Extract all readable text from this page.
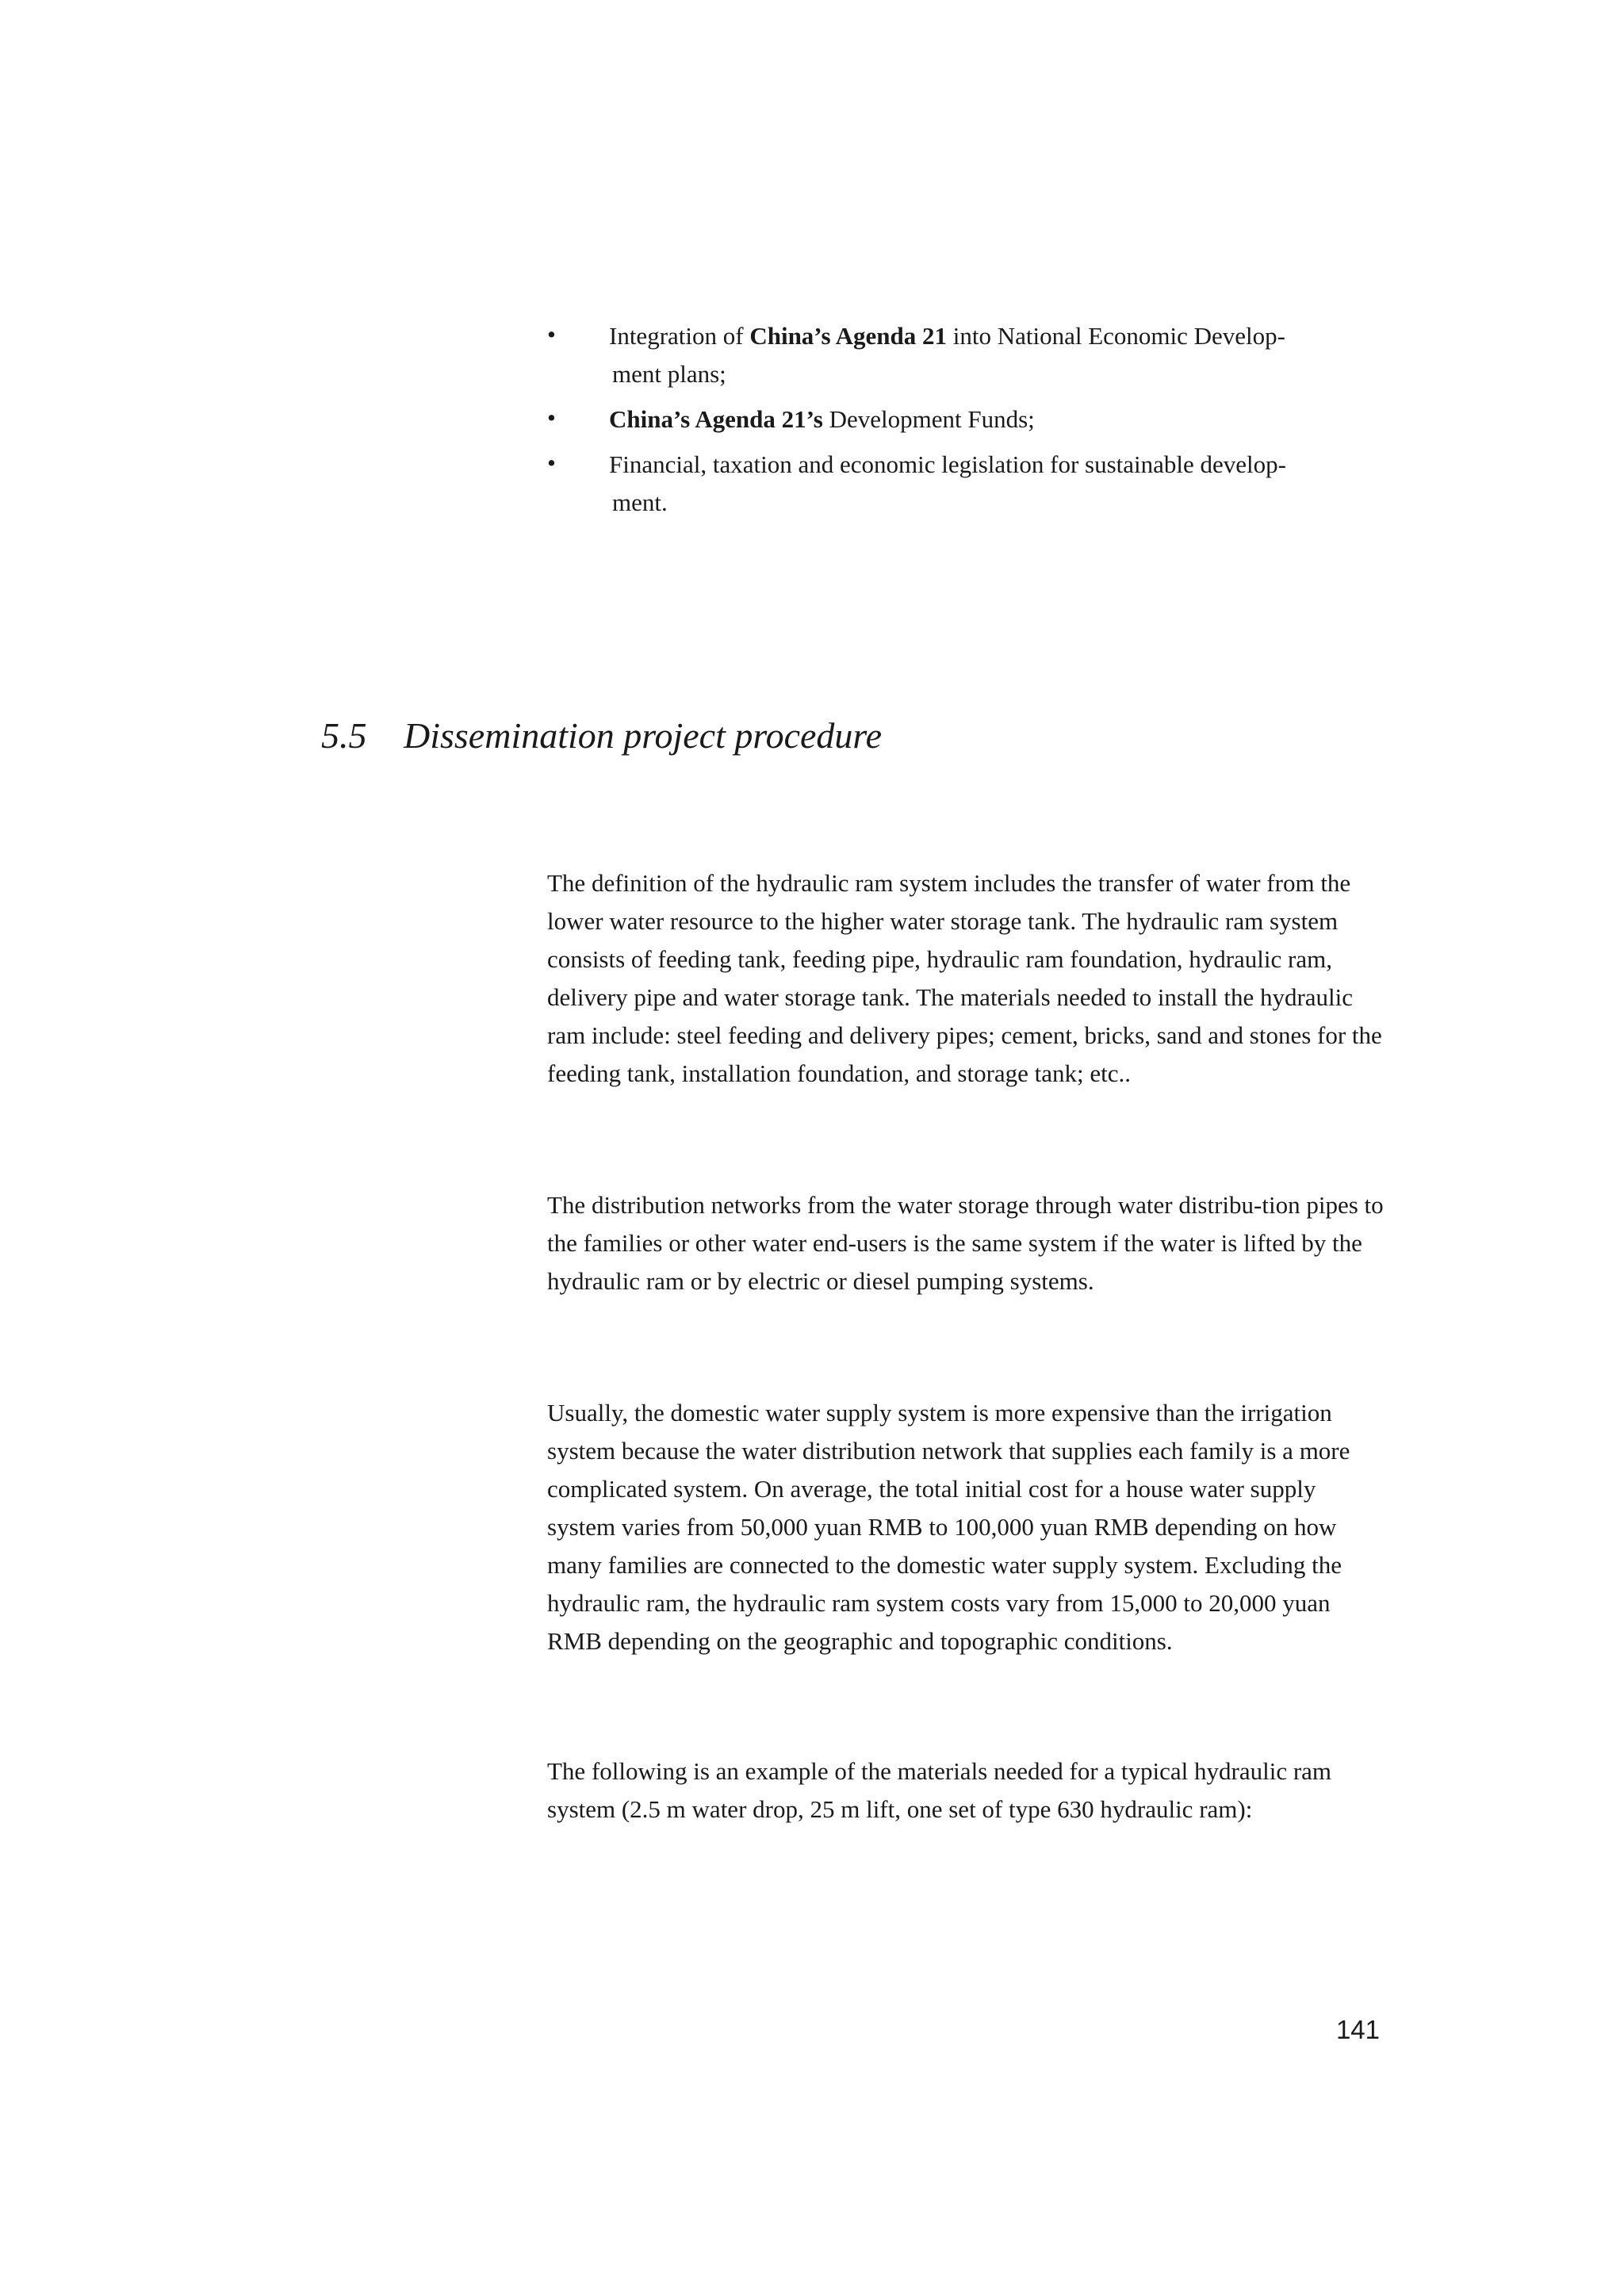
• Integration of China’s Agenda 21 into National Economic Develop-
ment plans;
• China’s Agenda 21’s Development Funds;
• Financial, taxation and economic legislation for sustainable develop-
ment.
5.5 Dissemination project procedure

The definition of the hydraulic ram system includes the transfer of water from the lower water resource to the higher water storage tank. The hydraulic ram system consists of feeding tank, feeding pipe, hydraulic ram foundation, hydraulic ram, delivery pipe and water storage tank. The materials needed to install the hydraulic ram include: steel feeding and delivery pipes; cement, bricks, sand and stones for the feeding tank, installation foundation, and storage tank; etc..

The distribution networks from the water storage through water distribu-tion pipes to the families or other water end-users is the same system if the water is lifted by the hydraulic ram or by electric or diesel pumping systems.

Usually, the domestic water supply system is more expensive than the irrigation system because the water distribution network that supplies each family is a more complicated system. On average, the total initial cost for a house water supply system varies from 50,000 yuan RMB to 100,000 yuan RMB depending on how many families are connected to the domestic water supply system. Excluding the hydraulic ram, the hydraulic ram system costs vary from 15,000 to 20,000 yuan RMB depending on the geographic and topographic conditions.

The following is an example of the materials needed for a typical hydraulic ram system (2.5 m water drop, 25 m lift, one set of type 630 hydraulic ram):

141
